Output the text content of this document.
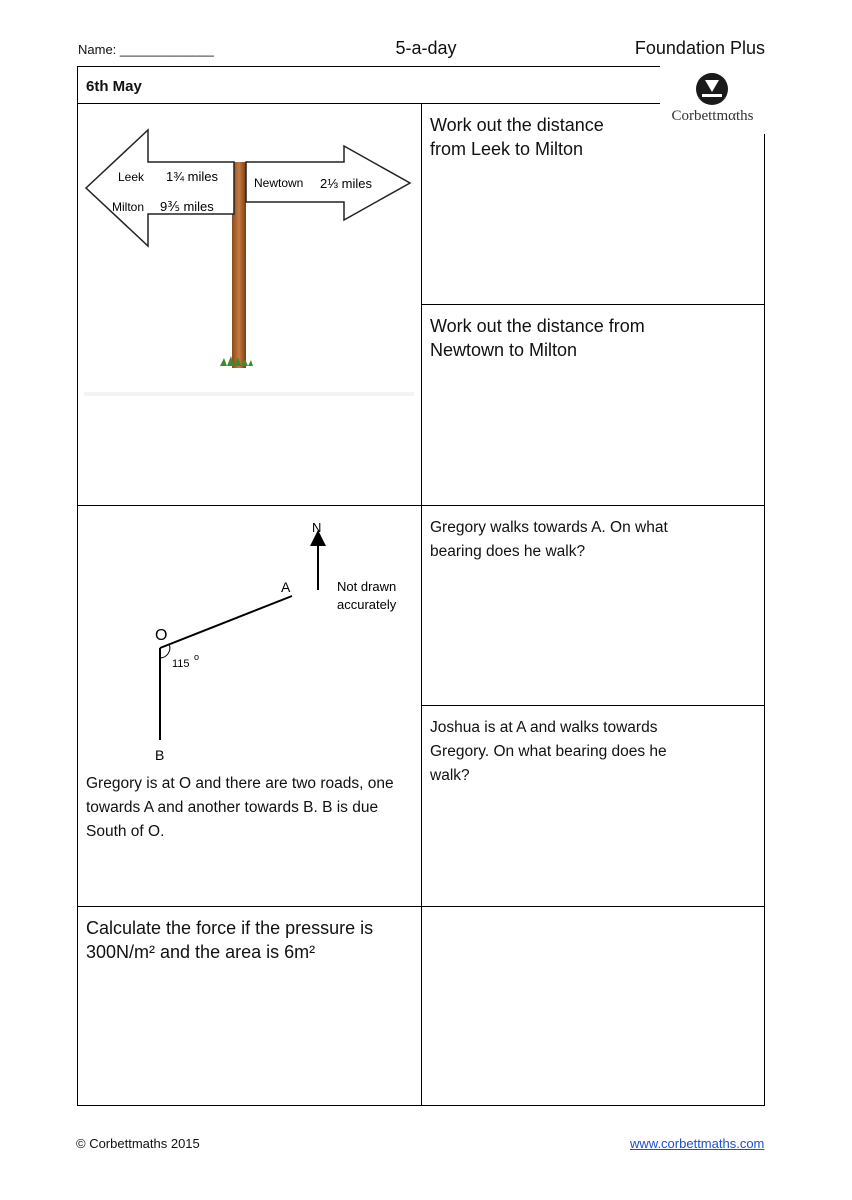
Name: _____________	5-a-day	Foundation Plus
6th May
Corbettmαths
Leek 1¾ miles
Milton 9⅗ miles
Newtown 2⅓ miles
Work out the distance from Leek to Milton
Work out the distance from Newtown to Milton
N
A
O
B
115
o
Not drawn
accurately
Gregory is at O and there are two roads, one towards A and another towards B. B is due South of O.
Gregory walks towards A. On what bearing does he walk?
Joshua is at A and walks towards Gregory. On what bearing does he walk?
Calculate the force if the pressure is 300N/m² and the area is 6m²
© Corbettmaths 2015	www.corbettmaths.com
